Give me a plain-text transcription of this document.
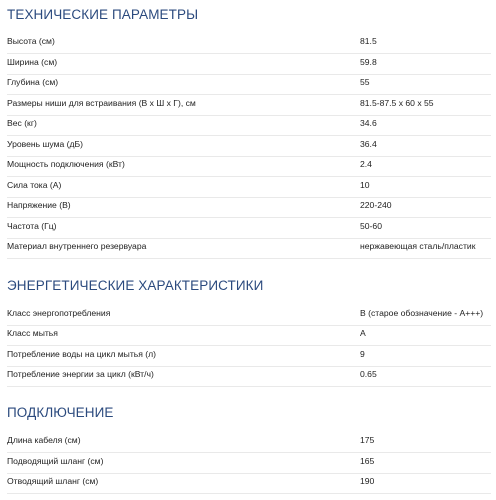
ТЕХНИЧЕСКИЕ ПАРАМЕТРЫ
Высота (см)	81.5
Ширина (см)	59.8
Глубина (см)	55
Размеры ниши для встраивания (В х Ш х Г), см	81.5-87.5 x 60 x 55
Вес (кг)	34.6
Уровень шума (дБ)	36.4
Мощность подключения (кВт)	2.4
Сила тока (А)	10
Напряжение (В)	220-240
Частота (Гц)	50-60
Материал внутреннего резервуара	нержавеющая сталь/пластик
ЭНЕРГЕТИЧЕСКИЕ ХАРАКТЕРИСТИКИ
Класс энергопотребления	B (старое обозначение - A+++)
Класс мытья	A
Потребление воды на цикл мытья (л)	9
Потребление энергии за цикл (кВт/ч)	0.65
ПОДКЛЮЧЕНИЕ
Длина кабеля (см)	175
Подводящий шланг (см)	165
Отводящий шланг (см)	190
